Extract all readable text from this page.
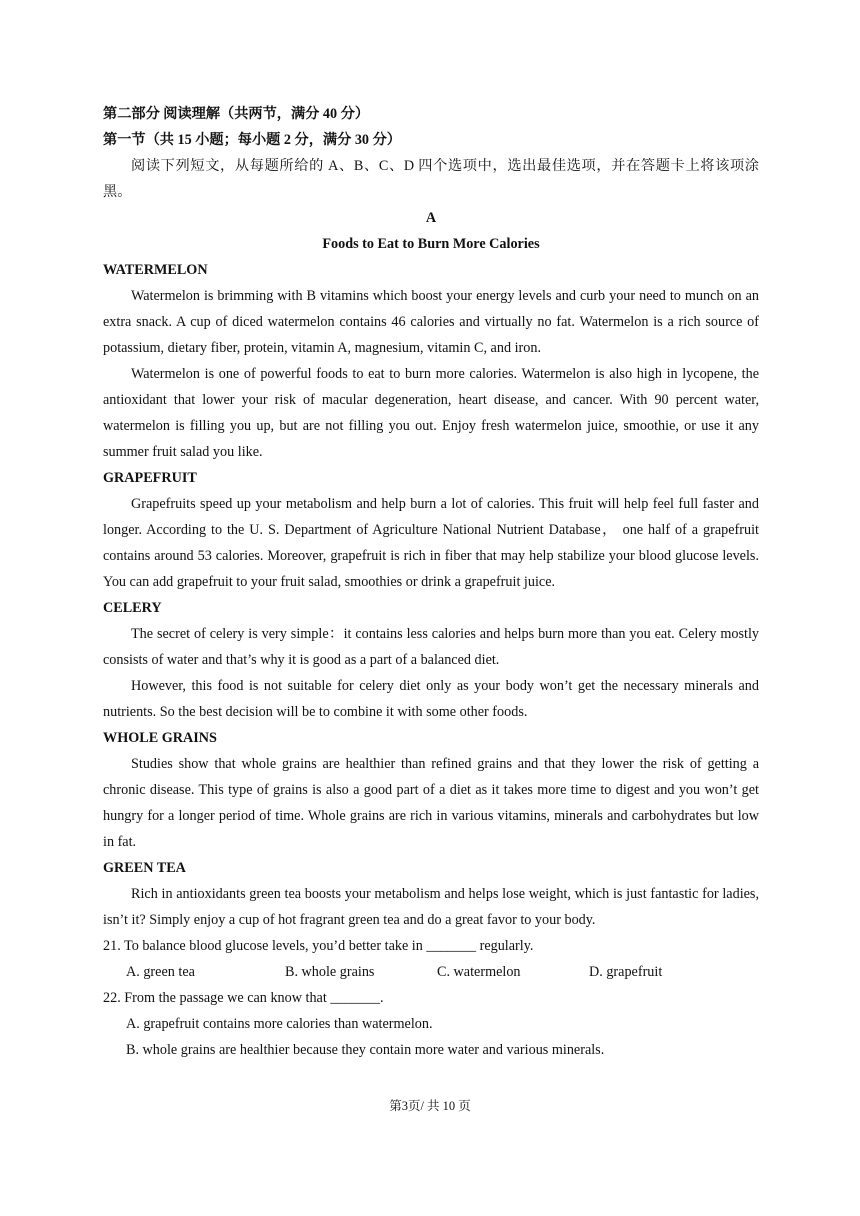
第二部分 阅读理解（共两节，满分 40 分）
第一节（共 15 小题；每小题 2 分，满分 30 分）

阅读下列短文，从每题所给的 A、B、C、D 四个选项中，选出最佳选项，并在答题卡上将该项涂黑。

A
Foods to Eat to Burn More Calories
WATERMELON

Watermelon is brimming with B vitamins which boost your energy levels and curb your need to munch on an extra snack. A cup of diced watermelon contains 46 calories and virtually no fat. Watermelon is a rich source of potassium, dietary fiber, protein, vitamin A, magnesium, vitamin C, and iron.

Watermelon is one of powerful foods to eat to burn more calories. Watermelon is also high in lycopene, the antioxidant that lower your risk of macular degeneration, heart disease, and cancer. With 90 percent water, watermelon is filling you up, but are not filling you out. Enjoy fresh watermelon juice, smoothie, or use it any summer fruit salad you like.

GRAPEFRUIT

Grapefruits speed up your metabolism and help burn a lot of calories. This fruit will help feel full faster and longer. According to the U. S. Department of Agriculture National Nutrient Database， one half of a grapefruit contains around 53 calories. Moreover, grapefruit is rich in fiber that may help stabilize your blood glucose levels. You can add grapefruit to your fruit salad, smoothies or drink a grapefruit juice.

CELERY

The secret of celery is very simple：it contains less calories and helps burn more than you eat. Celery mostly consists of water and that’s why it is good as a part of a balanced diet.

However, this food is not suitable for celery diet only as your body won’t get the necessary minerals and nutrients. So the best decision will be to combine it with some other foods.

WHOLE GRAINS

Studies show that whole grains are healthier than refined grains and that they lower the risk of getting a chronic disease. This type of grains is also a good part of a diet as it takes more time to digest and you won’t get hungry for a longer period of time. Whole grains are rich in various vitamins, minerals and carbohydrates but low in fat.

GREEN TEA

Rich in antioxidants green tea boosts your metabolism and helps lose weight, which is just fantastic for ladies, isn’t it? Simply enjoy a cup of hot fragrant green tea and do a great favor to your body.

21. To balance blood glucose levels, you’d better take in _______ regularly.
A. green tea	B. whole grains	C. watermelon	D. grapefruit
22. From the passage we can know that _______.
A. grapefruit contains more calories than watermelon.
B. whole grains are healthier because they contain more water and various minerals.
第3页/ 共 10 页
